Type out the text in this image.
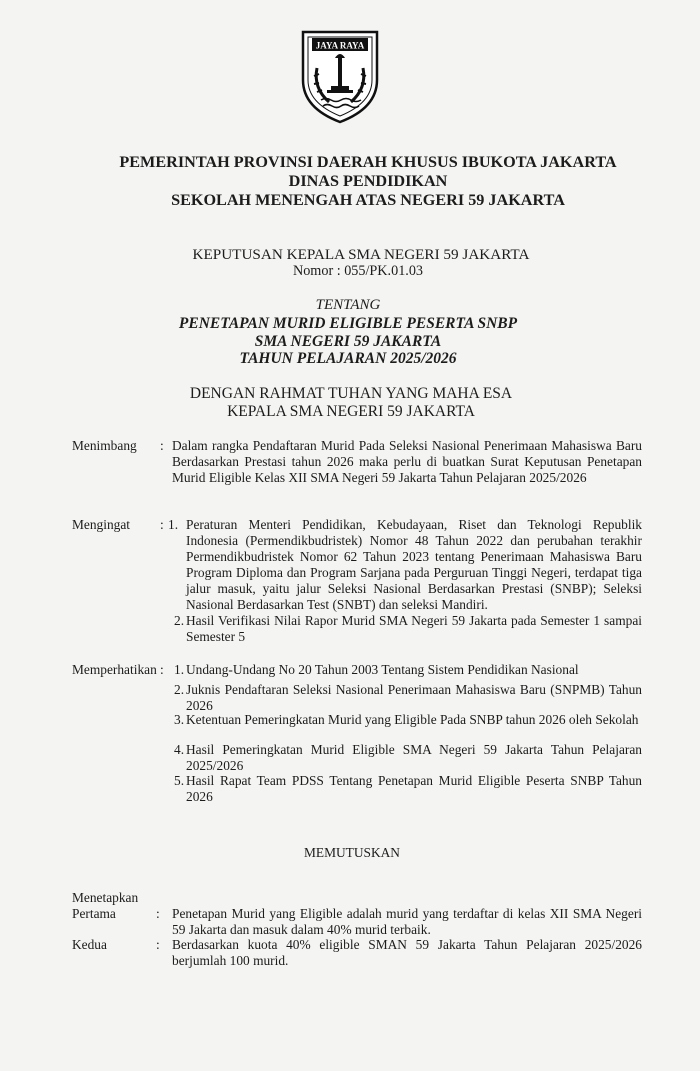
JAYA RAYA
PEMERINTAH PROVINSI DAERAH KHUSUS IBUKOTA JAKARTA
DINAS PENDIDIKAN
SEKOLAH MENENGAH ATAS NEGERI 59 JAKARTA
KEPUTUSAN KEPALA SMA NEGERI 59 JAKARTA
Nomor : 055/PK.01.03
TENTANG
PENETAPAN MURID ELIGIBLE PESERTA SNBP
SMA NEGERI 59 JAKARTA
TAHUN PELAJARAN 2025/2026
DENGAN RAHMAT TUHAN YANG MAHA ESA
KEPALA SMA NEGERI 59 JAKARTA
Menimbang : Dalam rangka Pendaftaran Murid Pada Seleksi Nasional Penerimaan Mahasiswa Baru Berdasarkan Prestasi tahun 2026 maka perlu di buatkan Surat Keputusan Penetapan Murid Eligible Kelas XII SMA Negeri 59 Jakarta Tahun Pelajaran 2025/2026

Mengingat : 1. Peraturan Menteri Pendidikan, Kebudayaan, Riset dan Teknologi Republik Indonesia (Permendikbudristek) Nomor 48 Tahun 2022 dan perubahan terakhir Permendikbudristek Nomor 62 Tahun 2023 tentang Penerimaan Mahasiswa Baru Program Diploma dan Program Sarjana pada Perguruan Tinggi Negeri, terdapat tiga jalur masuk, yaitu jalur Seleksi Nasional Berdasarkan Prestasi (SNBP); Seleksi Nasional Berdasarkan Test (SNBT) dan seleksi Mandiri.

2. Hasil Verifikasi Nilai Rapor Murid SMA Negeri 59 Jakarta pada Semester 1 sampai Semester 5

Memperhatikan : 1. Undang-Undang No 20 Tahun 2003 Tentang Sistem Pendidikan Nasional

2. Juknis Pendaftaran Seleksi Nasional Penerimaan Mahasiswa Baru (SNPMB) Tahun 2026

3. Ketentuan Pemeringkatan Murid yang Eligible Pada SNBP tahun 2026 oleh Sekolah

4. Hasil Pemeringkatan Murid Eligible SMA Negeri 59 Jakarta Tahun Pelajaran 2025/2026

5. Hasil Rapat Team PDSS Tentang Penetapan Murid Eligible Peserta SNBP Tahun 2026

MEMUTUSKAN
Menetapkan
Pertama	: Penetapan Murid yang Eligible adalah murid yang terdaftar di kelas XII SMA Negeri 59 Jakarta dan masuk dalam 40% murid terbaik.

Kedua	: Berdasarkan kuota 40% eligible SMAN 59 Jakarta Tahun Pelajaran 2025/2026 berjumlah 100 murid.
